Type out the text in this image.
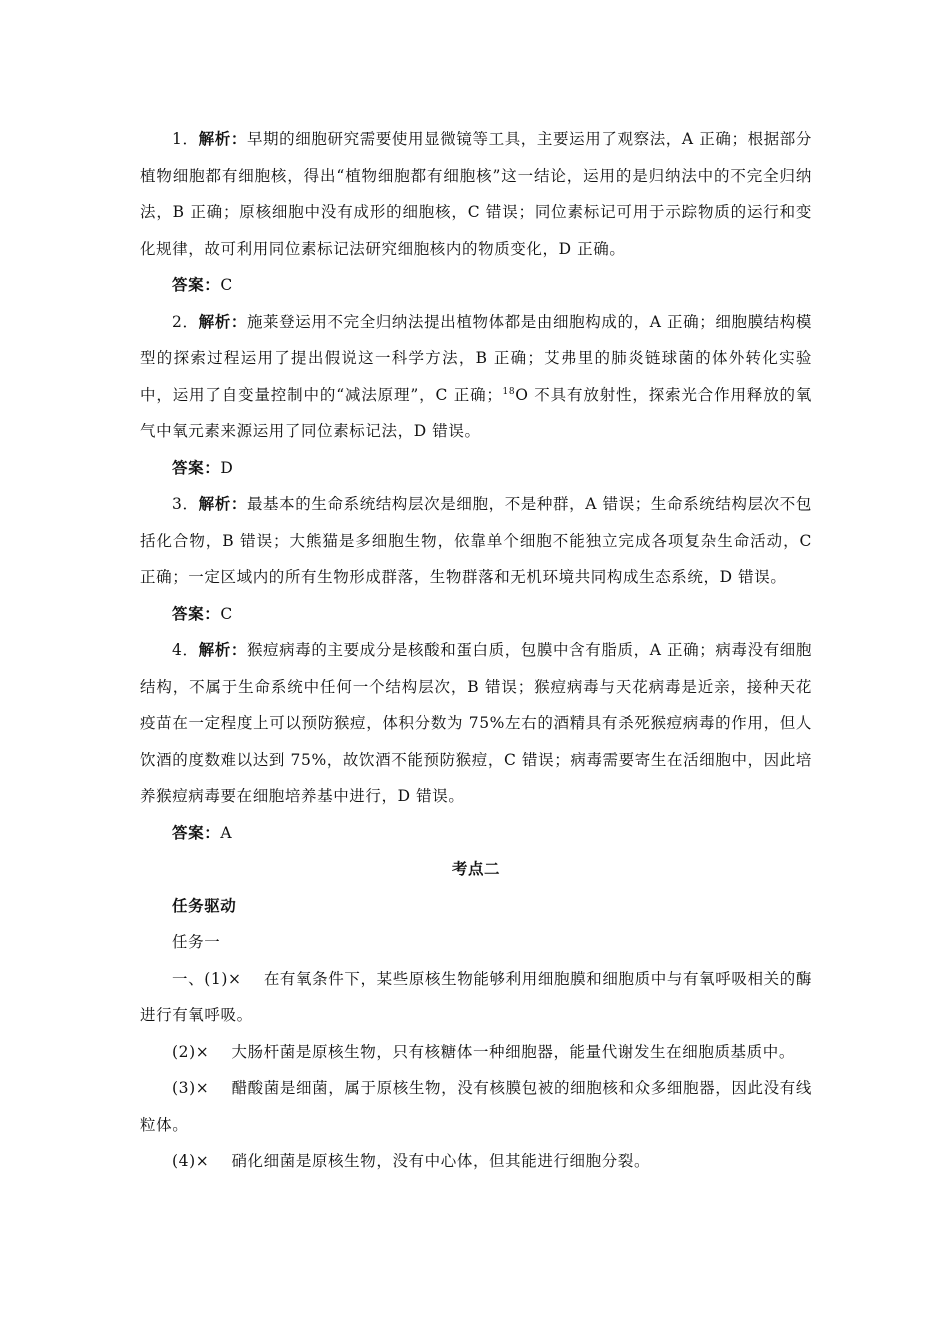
1．解析：早期的细胞研究需要使用显微镜等工具，主要运用了观察法，A 正确；根据部分植物细胞都有细胞核，得出“植物细胞都有细胞核”这一结论，运用的是归纳法中的不完全归纳法，B 正确；原核细胞中没有成形的细胞核，C 错误；同位素标记可用于示踪物质的运行和变化规律，故可利用同位素标记法研究细胞核内的物质变化，D 正确。

答案：C

2．解析：施莱登运用不完全归纳法提出植物体都是由细胞构成的，A 正确；细胞膜结构模型的探索过程运用了提出假说这一科学方法，B 正确；艾弗里的肺炎链球菌的体外转化实验中，运用了自变量控制中的“减法原理”，C 正确；$^{18}$O 不具有放射性，探索光合作用释放的氧气中氧元素来源运用了同位素标记法，D 错误。

答案：D

3．解析：最基本的生命系统结构层次是细胞，不是种群，A 错误；生命系统结构层次不包括化合物，B 错误；大熊猫是多细胞生物，依靠单个细胞不能独立完成各项复杂生命活动，C 正确；一定区域内的所有生物形成群落，生物群落和无机环境共同构成生态系统，D 错误。

答案：C

4．解析：猴痘病毒的主要成分是核酸和蛋白质，包膜中含有脂质，A 正确；病毒没有细胞结构，不属于生命系统中任何一个结构层次，B 错误；猴痘病毒与天花病毒是近亲，接种天花疫苗在一定程度上可以预防猴痘，体积分数为 75%左右的酒精具有杀死猴痘病毒的作用，但人饮酒的度数难以达到 75%，故饮酒不能预防猴痘，C 错误；病毒需要寄生在活细胞中，因此培养猴痘病毒要在细胞培养基中进行，D 错误。

答案：A

考点二

任务驱动

任务一

一、(1)× 在有氧条件下，某些原核生物能够利用细胞膜和细胞质中与有氧呼吸相关的酶进行有氧呼吸。

(2)× 大肠杆菌是原核生物，只有核糖体一种细胞器，能量代谢发生在细胞质基质中。

(3)× 醋酸菌是细菌，属于原核生物，没有核膜包被的细胞核和众多细胞器，因此没有线粒体。

(4)× 硝化细菌是原核生物，没有中心体，但其能进行细胞分裂。
